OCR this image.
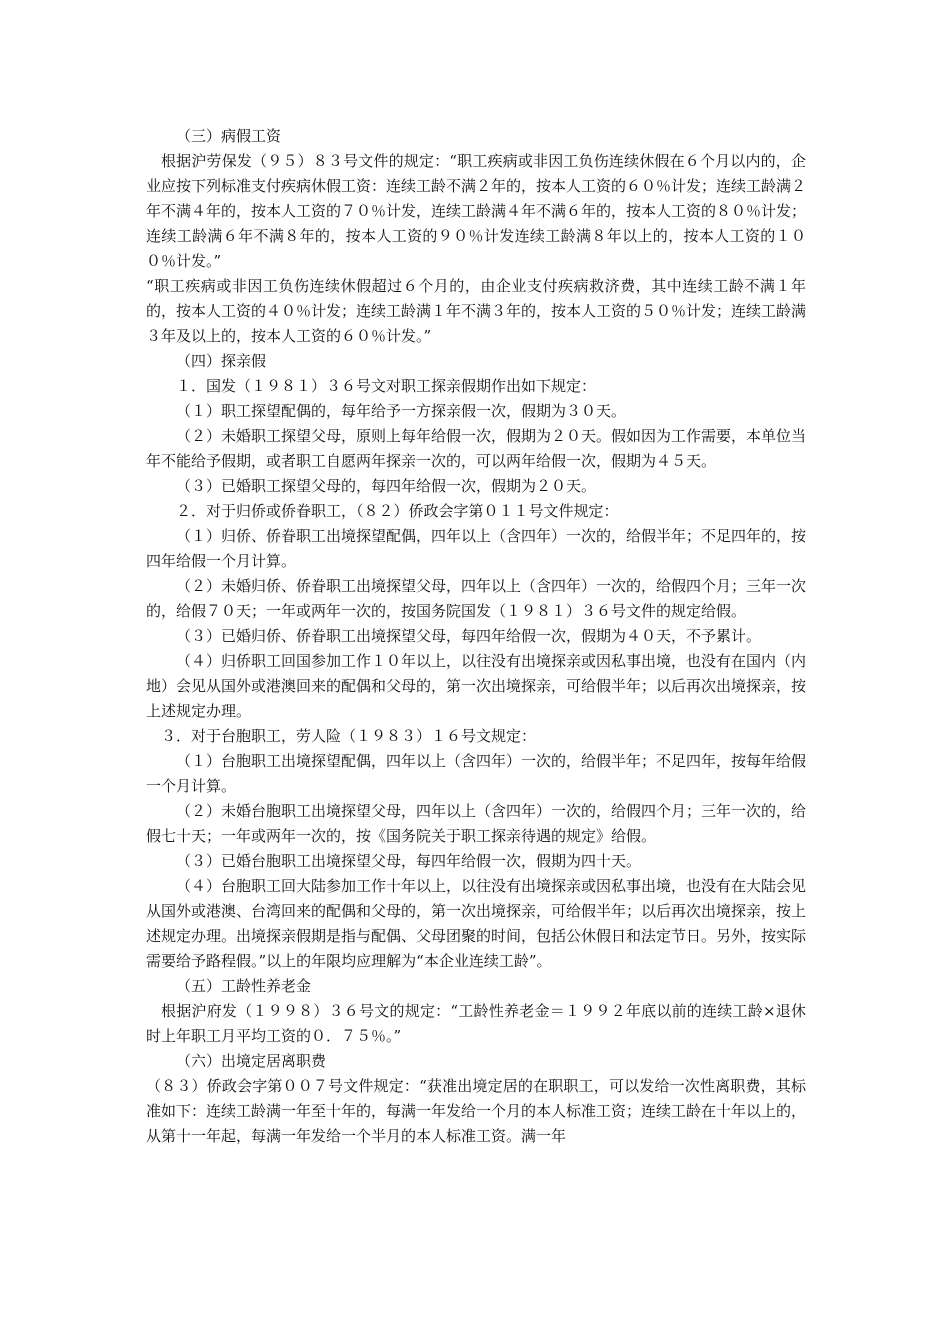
（三）病假工资

根据沪劳保发（９５）８３号文件的规定：“职工疾病或非因工负伤连续休假在６个月以内的，企业应按下列标准支付疾病休假工资：连续工龄不满２年的，按本人工资的６０％计发；连续工龄满２年不满４年的，按本人工资的７０％计发，连续工龄满４年不满６年的，按本人工资的８０％计发；连续工龄满６年不满８年的，按本人工资的９０％计发连续工龄满８年以上的，按本人工资的１００％计发。”

“职工疾病或非因工负伤连续休假超过６个月的，由企业支付疾病救济费，其中连续工龄不满１年的，按本人工资的４０％计发；连续工龄满１年不满３年的，按本人工资的５０％计发；连续工龄满３年及以上的，按本人工资的６０％计发。”

（四）探亲假

１．国发（１９８１）３６号文对职工探亲假期作出如下规定：

（１）职工探望配偶的，每年给予一方探亲假一次，假期为３０天。

（２）未婚职工探望父母，原则上每年给假一次，假期为２０天。假如因为工作需要，本单位当年不能给予假期，或者职工自愿两年探亲一次的，可以两年给假一次，假期为４５天。

（３）已婚职工探望父母的，每四年给假一次，假期为２０天。

２．对于归侨或侨眷职工，（８２）侨政会字第０１１号文件规定：

（１）归侨、侨眷职工出境探望配偶，四年以上（含四年）一次的，给假半年；不足四年的，按四年给假一个月计算。

（２）未婚归侨、侨眷职工出境探望父母，四年以上（含四年）一次的，给假四个月；三年一次的，给假７０天；一年或两年一次的，按国务院国发（１９８１）３６号文件的规定给假。

（３）已婚归侨、侨眷职工出境探望父母，每四年给假一次，假期为４０天，不予累计。

（４）归侨职工回国参加工作１０年以上，以往没有出境探亲或因私事出境，也没有在国内（内地）会见从国外或港澳回来的配偶和父母的，第一次出境探亲，可给假半年；以后再次出境探亲，按上述规定办理。

３．对于台胞职工，劳人险（１９８３）１６号文规定：

（１）台胞职工出境探望配偶，四年以上（含四年）一次的，给假半年；不足四年，按每年给假一个月计算。

（２）未婚台胞职工出境探望父母，四年以上（含四年）一次的，给假四个月；三年一次的，给假七十天；一年或两年一次的，按《国务院关于职工探亲待遇的规定》给假。

（３）已婚台胞职工出境探望父母，每四年给假一次，假期为四十天。

（４）台胞职工回大陆参加工作十年以上，以往没有出境探亲或因私事出境，也没有在大陆会见从国外或港澳、台湾回来的配偶和父母的，第一次出境探亲，可给假半年；以后再次出境探亲，按上述规定办理。出境探亲假期是指与配偶、父母团聚的时间，包括公休假日和法定节日。另外，按实际需要给予路程假。”以上的年限均应理解为“本企业连续工龄”。

（五）工龄性养老金

根据沪府发（１９９８）３６号文的规定：“工龄性养老金＝１９９２年底以前的连续工龄×退休时上年职工月平均工资的０．７５％。”

（六）出境定居离职费

（８３）侨政会字第００７号文件规定：“获准出境定居的在职职工，可以发给一次性离职费，其标准如下：连续工龄满一年至十年的，每满一年发给一个月的本人标准工资；连续工龄在十年以上的，从第十一年起，每满一年发给一个半月的本人标准工资。满一年
